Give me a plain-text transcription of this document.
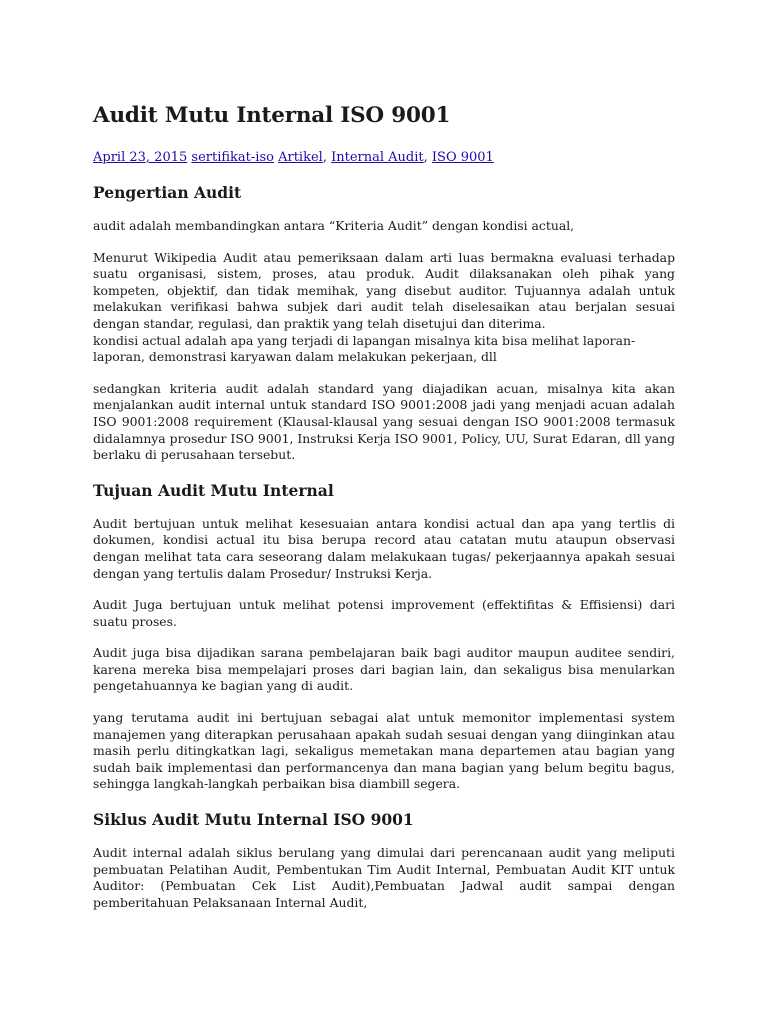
Audit Mutu Internal ISO 9001
April 23, 2015 sertifikat-iso Artikel, Internal Audit, ISO 9001
Pengertian Audit

audit adalah membandingkan antara “Kriteria Audit” dengan kondisi actual,

Menurut Wikipedia Audit atau pemeriksaan dalam arti luas bermakna evaluasi terhadap suatu organisasi, sistem, proses, atau produk. Audit dilaksanakan oleh pihak yang kompeten, objektif, dan tidak memihak, yang disebut auditor. Tujuannya adalah untuk melakukan verifikasi bahwa subjek dari audit telah diselesaikan atau berjalan sesuai dengan standar, regulasi, dan praktik yang telah disetujui dan diterima.
kondisi actual adalah apa yang terjadi di lapangan misalnya kita bisa melihat laporan-laporan, demonstrasi karyawan dalam melakukan pekerjaan, dll

sedangkan kriteria audit adalah standard yang diajadikan acuan, misalnya kita akan menjalankan audit internal untuk standard ISO 9001:2008 jadi yang menjadi acuan adalah ISO 9001:2008 requirement (Klausal-klausal yang sesuai dengan ISO 9001:2008 termasuk didalamnya prosedur ISO 9001, Instruksi Kerja ISO 9001, Policy, UU, Surat Edaran, dll yang berlaku di perusahaan tersebut.

Tujuan Audit Mutu Internal

Audit bertujuan untuk melihat kesesuaian antara kondisi actual dan apa yang tertlis di dokumen, kondisi actual itu bisa berupa record atau catatan mutu ataupun observasi dengan melihat tata cara seseorang dalam melakukaan tugas/ pekerjaannya apakah sesuai dengan yang tertulis dalam Prosedur/ Instruksi Kerja.

Audit Juga bertujuan untuk melihat potensi improvement (effektifitas & Effisiensi) dari suatu proses.

Audit juga bisa dijadikan sarana pembelajaran baik bagi auditor maupun auditee sendiri, karena mereka bisa mempelajari proses dari bagian lain, dan sekaligus bisa menularkan pengetahuannya ke bagian yang di audit.

yang terutama audit ini bertujuan sebagai alat untuk memonitor implementasi system manajemen yang diterapkan perusahaan apakah sudah sesuai dengan yang diinginkan atau masih perlu ditingkatkan lagi, sekaligus memetakan mana departemen atau bagian yang sudah baik implementasi dan performancenya dan mana bagian yang belum begitu bagus, sehingga langkah-langkah perbaikan bisa diambill segera.

Siklus Audit Mutu Internal ISO 9001

Audit internal adalah siklus berulang yang dimulai dari perencanaan audit yang meliputi pembuatan Pelatihan Audit, Pembentukan Tim Audit Internal, Pembuatan Audit KIT untuk Auditor: (Pembuatan Cek List Audit),Pembuatan Jadwal audit sampai dengan pemberitahuan Pelaksanaan Internal Audit,
